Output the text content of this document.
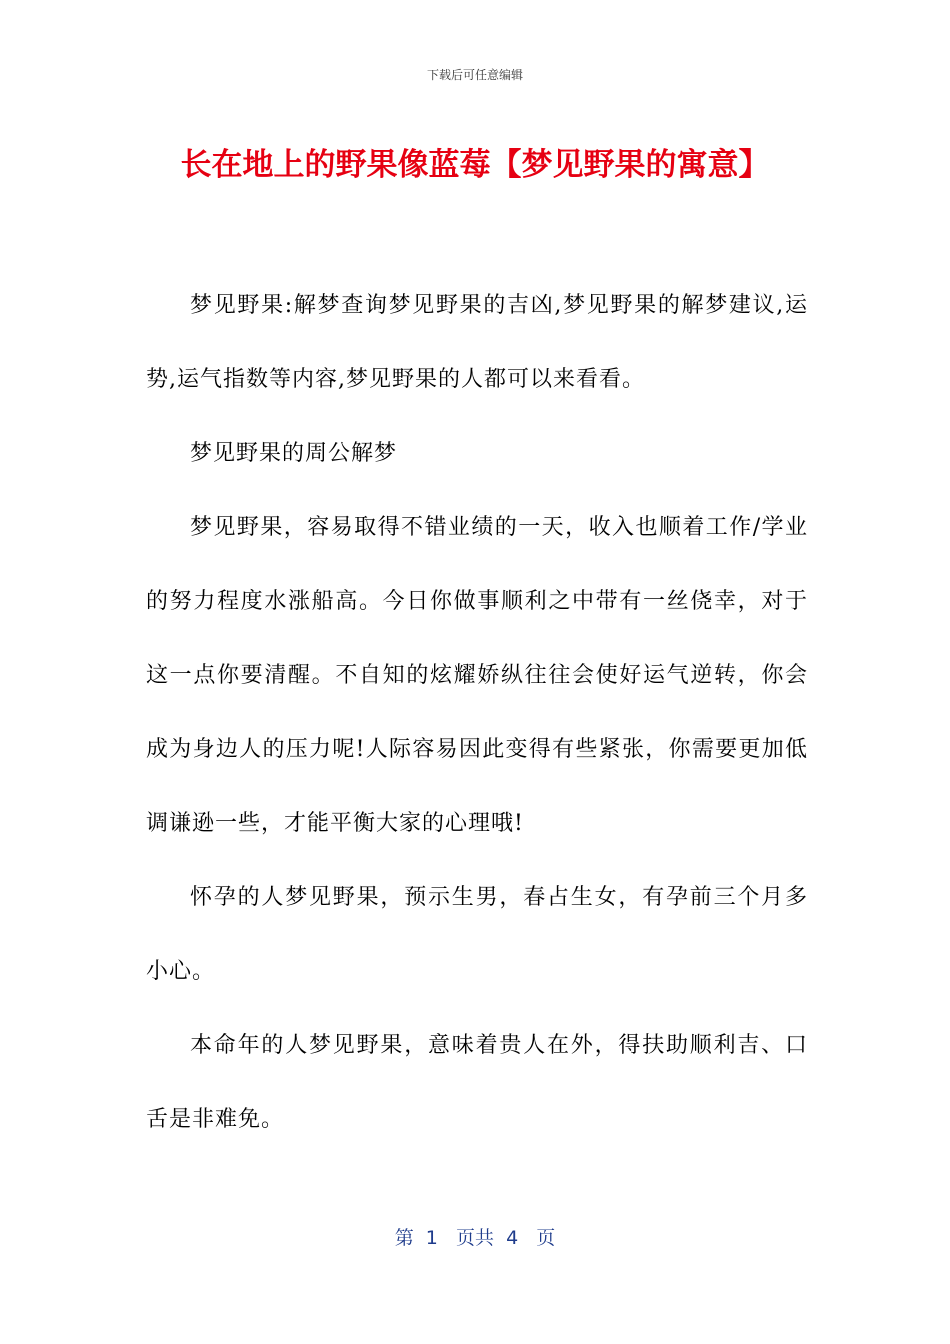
下载后可任意编辑
长在地上的野果像蓝莓【梦见野果的寓意】

梦见野果:解梦查询梦见野果的吉凶,梦见野果的解梦建议,运势,运气指数等内容,梦见野果的人都可以来看看。

梦见野果的周公解梦

梦见野果，容易取得不错业绩的一天，收入也顺着工作/学业的努力程度水涨船高。今日你做事顺利之中带有一丝侥幸，对于这一点你要清醒。不自知的炫耀娇纵往往会使好运气逆转，你会成为身边人的压力呢!人际容易因此变得有些紧张，你需要更加低调谦逊一些，才能平衡大家的心理哦!

怀孕的人梦见野果，预示生男，春占生女，有孕前三个月多小心。

本命年的人梦见野果，意味着贵人在外，得扶助顺利吉、口舌是非难免。

第  1   页共  4   页
